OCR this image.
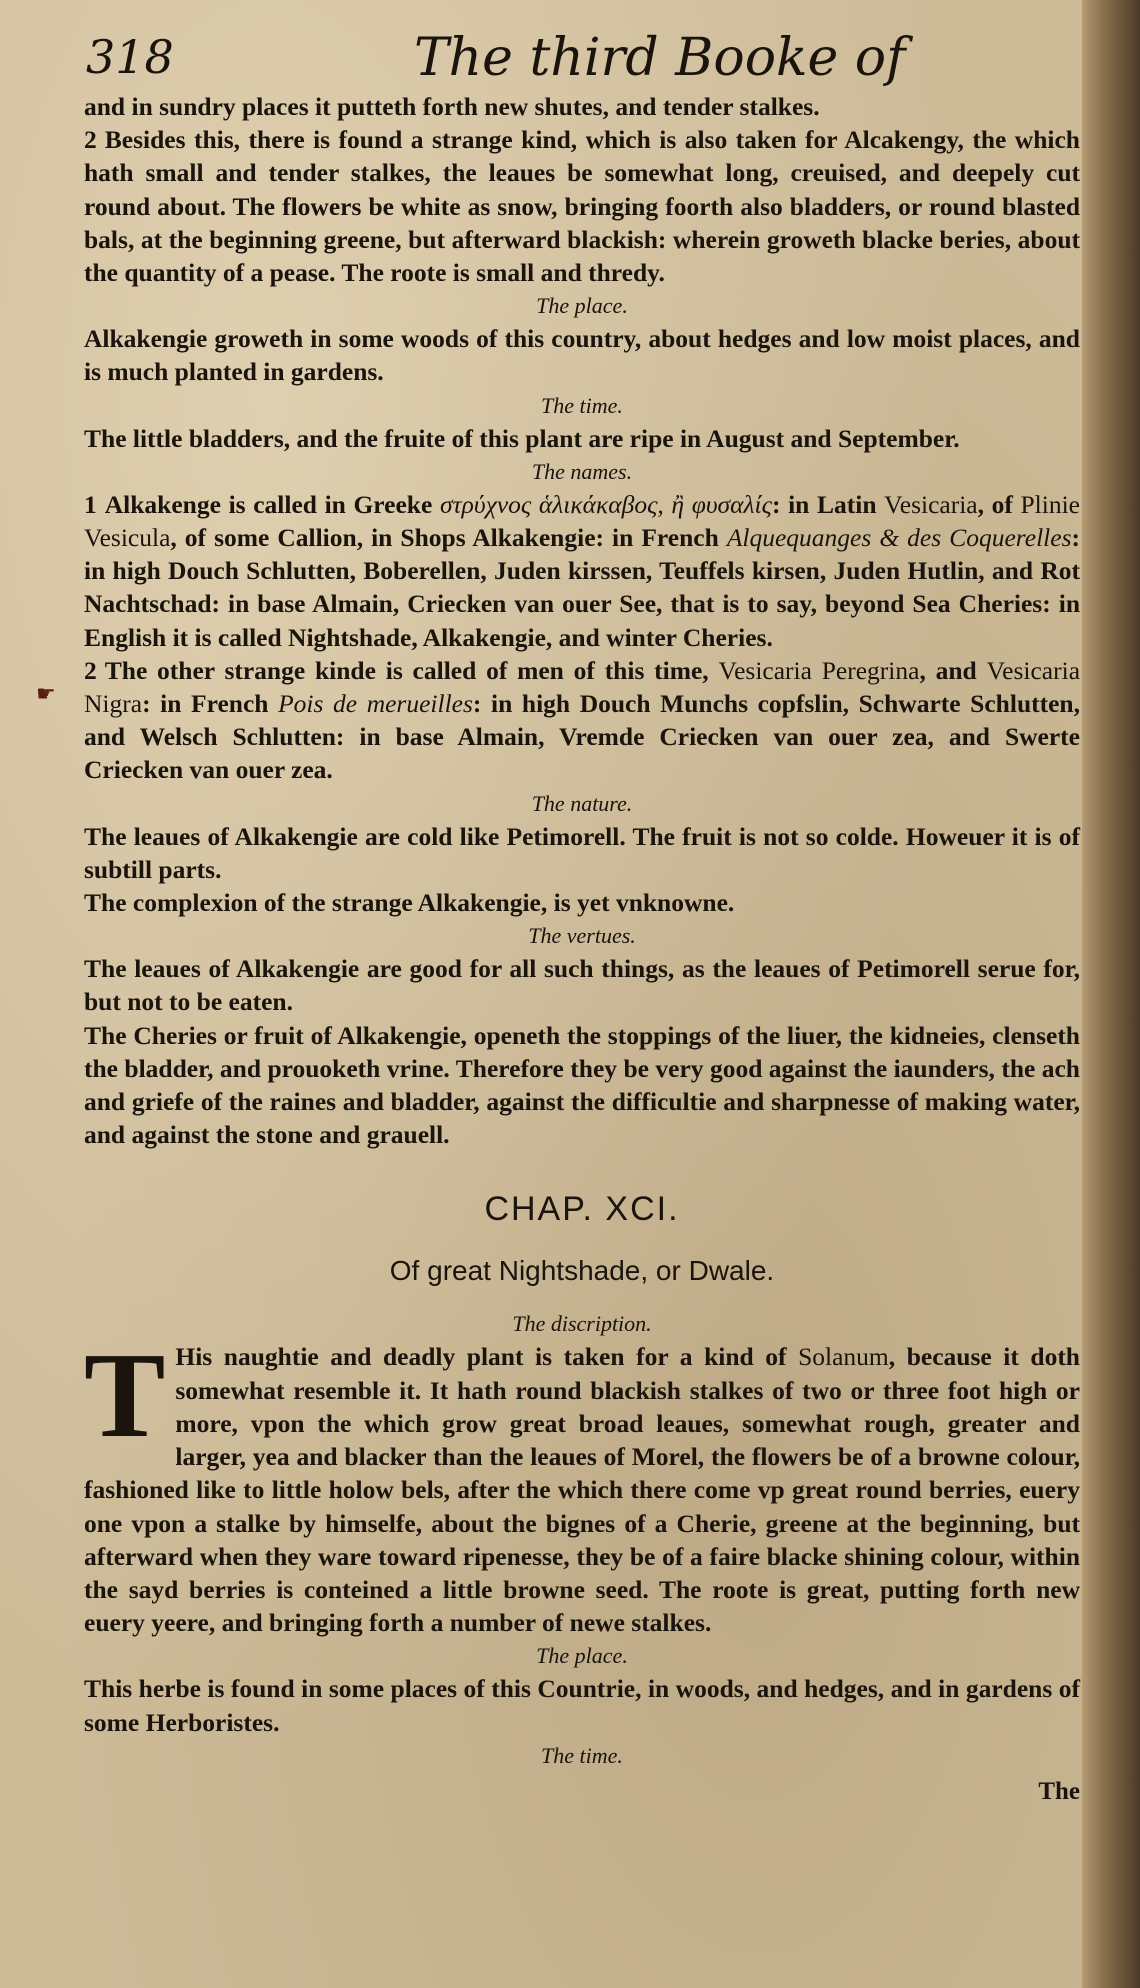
☛
318	The third Booke of

and in sundry places it putteth forth new shutes, and tender stalkes.

2 Besides this, there is found a strange kind, which is also taken for Alcakengy, the which hath small and tender stalkes, the leaues be somewhat long, creuised, and deepely cut round about. The flowers be white as snow, bringing foorth also bladders, or round blasted bals, at the beginning greene, but afterward blackish: wherein groweth blacke beries, about the quantity of a pease. The roote is small and thredy.

The place.

Alkakengie groweth in some woods of this country, about hedges and low moist places, and is much planted in gardens.

The time.

The little bladders, and the fruite of this plant are ripe in August and September.

The names.

1 Alkakenge is called in Greeke στρύχνος ἁλικάκαβος, ἢ φυσαλίς: in Latin Vesicaria, of Plinie Vesicula, of some Callion, in Shops Alkakengie: in French Alquequanges & des Coquerelles: in high Douch Schlutten, Boberellen, Juden kirssen, Teuffels kirsen, Juden Hutlin, and Rot Nachtschad: in base Almain, Criecken van ouer See, that is to say, beyond Sea Cheries: in English it is called Nightshade, Alkakengie, and winter Cheries.

2 The other strange kinde is called of men of this time, Vesicaria Peregrina, and Vesicaria Nigra: in French Pois de merueilles: in high Douch Munchs copfslin, Schwarte Schlutten, and Welsch Schlutten: in base Almain, Vremde Criecken van ouer zea, and Swerte Criecken van ouer zea.

The nature.

The leaues of Alkakengie are cold like Petimorell. The fruit is not so colde. Howeuer it is of subtill parts.

The complexion of the strange Alkakengie, is yet vnknowne.

The vertues.

The leaues of Alkakengie are good for all such things, as the leaues of Petimorell serue for, but not to be eaten.

The Cheries or fruit of Alkakengie, openeth the stoppings of the liuer, the kidneies, clenseth the bladder, and prouoketh vrine. Therefore they be very good against the iaunders, the ach and griefe of the raines and bladder, against the difficultie and sharpnesse of making water, and against the stone and grauell.

CHAP. XCI.

Of great Nightshade, or Dwale.

The discription.

T His naughtie and deadly plant is taken for a kind of Solanum, because it doth somewhat resemble it. It hath round blackish stalkes of two or three foot high or more, vpon the which grow great broad leaues, somewhat rough, greater and larger, yea and blacker than the leaues of Morel, the flowers be of a browne colour, fashioned like to little holow bels, after the which there come vp great round berries, euery one vpon a stalke by himselfe, about the bignes of a Cherie, greene at the beginning, but afterward when they ware toward ripenesse, they be of a faire blacke shining colour, within the sayd berries is conteined a little browne seed. The roote is great, putting forth new euery yeere, and bringing forth a number of newe stalkes.

The place.

This herbe is found in some places of this Countrie, in woods, and hedges, and in gardens of some Herboristes.

The time.

The
